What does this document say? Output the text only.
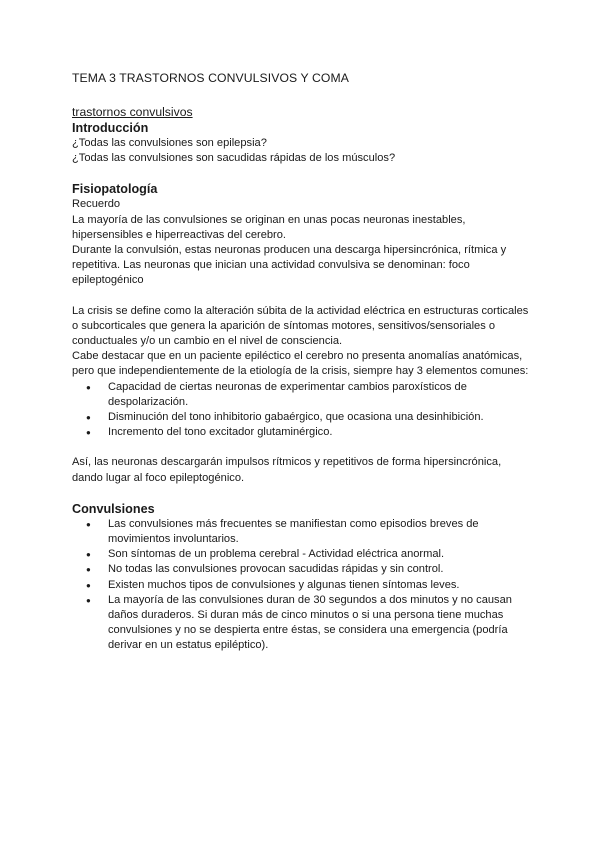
TEMA 3 TRASTORNOS CONVULSIVOS Y COMA
trastornos convulsivos
Introducción
¿Todas las convulsiones son epilepsia?
¿Todas las convulsiones son sacudidas rápidas de los músculos?
Fisiopatología
Recuerdo
La mayoría de las convulsiones se originan en unas pocas neuronas inestables, hipersensibles e hiperreactivas del cerebro.
Durante la convulsión, estas neuronas producen una descarga hipersincrónica, rítmica y repetitiva. Las neuronas que inician una actividad convulsiva se denominan: foco epileptogénico
La crisis se define como la alteración súbita de la actividad eléctrica en estructuras corticales o subcorticales que genera la aparición de síntomas motores, sensitivos/sensoriales o conductuales y/o un cambio en el nivel de consciencia.
Cabe destacar que en un paciente epiléctico el cerebro no presenta anomalías anatómicas, pero que independientemente de la etiología de la crisis, siempre hay 3 elementos comunes:
● Capacidad de ciertas neuronas de experimentar cambios paroxísticos de despolarización.
● Disminución del tono inhibitorio gabaérgico, que ocasiona una desinhibición.
● Incremento del tono excitador glutaminérgico.
Así, las neuronas descargarán impulsos rítmicos y repetitivos de forma hipersincrónica, dando lugar al foco epileptogénico.
Convulsiones
● Las convulsiones más frecuentes se manifiestan como episodios breves de movimientos involuntarios.
● Son síntomas de un problema cerebral - Actividad eléctrica anormal.
● No todas las convulsiones provocan sacudidas rápidas y sin control.
● Existen muchos tipos de convulsiones y algunas tienen síntomas leves.
● La mayoría de las convulsiones duran de 30 segundos a dos minutos y no causan daños duraderos. Si duran más de cinco minutos o si una persona tiene muchas convulsiones y no se despierta entre éstas, se considera una emergencia (podría derivar en un estatus epiléptico).
